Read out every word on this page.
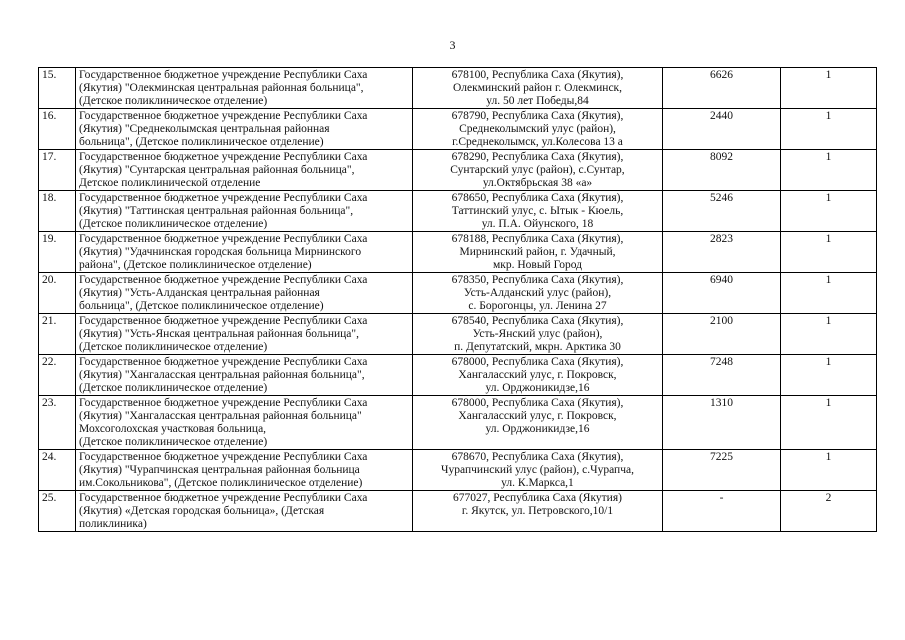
3
15.	Государственное бюджетное учреждение Республики Саха
(Якутия) "Олекминская центральная районная больница",
(Детское поликлиническое отделение)	678100, Республика Саха (Якутия),
Олекминский район г. Олекминск,
ул. 50 лет Победы,84	6626	1
16.	Государственное бюджетное учреждение Республики Саха
(Якутия) "Среднеколымская центральная районная
больница", (Детское поликлиническое отделение)	678790, Республика Саха (Якутия),
Среднеколымский улус (район),
г.Среднеколымск, ул.Колесова 13 а	2440	1
17.	Государственное бюджетное учреждение Республики Саха
(Якутия) "Сунтарская центральная районная больница",
Детское поликлинической отделение	678290, Республика Саха (Якутия),
Сунтарский улус (район), с.Сунтар,
ул.Октябрьская 38 «а»	8092	1
18.	Государственное бюджетное учреждение Республики Саха
(Якутия) "Таттинская центральная районная больница",
(Детское поликлиническое отделение)	678650, Республика Саха (Якутия),
Таттинский улус, с. Ытык - Кюель,
ул. П.А. Ойунского, 18	5246	1
19.	Государственное бюджетное учреждение Республики Саха
(Якутия) "Удачнинская городская больница Мирнинского
района", (Детское поликлиническое отделение)	678188, Республика Саха (Якутия),
Мирнинский район, г. Удачный,
мкр. Новый Город	2823	1
20.	Государственное бюджетное учреждение Республики Саха
(Якутия) "Усть-Алданская центральная районная
больница", (Детское поликлиническое отделение)	678350, Республика Саха (Якутия),
Усть-Алданский улус (район),
с. Борогонцы, ул. Ленина 27	6940	1
21.	Государственное бюджетное учреждение Республики Саха
(Якутия) "Усть-Янская центральная районная больница",
(Детское поликлиническое отделение)	678540, Республика Саха (Якутия),
Усть-Янский улус (район),
п. Депутатский, мкрн. Арктика 30	2100	1
22.	Государственное бюджетное учреждение Республики Саха
(Якутия) "Хангаласская центральная районная больница",
(Детское поликлиническое отделение)	678000, Республика Саха (Якутия),
Хангаласский улус, г. Покровск,
ул. Орджоникидзе,16	7248	1
23.	Государственное бюджетное учреждение Республики Саха
(Якутия) "Хангаласская центральная районная больница"
Мохсоголохская участковая больница,
(Детское поликлиническое отделение)	678000, Республика Саха (Якутия),
Хангаласский улус, г. Покровск,
ул. Орджоникидзе,16	1310	1
24.	Государственное бюджетное учреждение Республики Саха
(Якутия) "Чурапчинская центральная районная больница
им.Сокольникова", (Детское поликлиническое отделение)	678670, Республика Саха (Якутия),
Чурапчинский улус (район), с.Чурапча,
ул. К.Маркса,1	7225	1
25.	Государственное бюджетное учреждение Республики Саха
(Якутия) «Детская городская больница», (Детская
поликлиника)	677027, Республика Саха (Якутия)
г. Якутск, ул. Петровского,10/1	-	2
